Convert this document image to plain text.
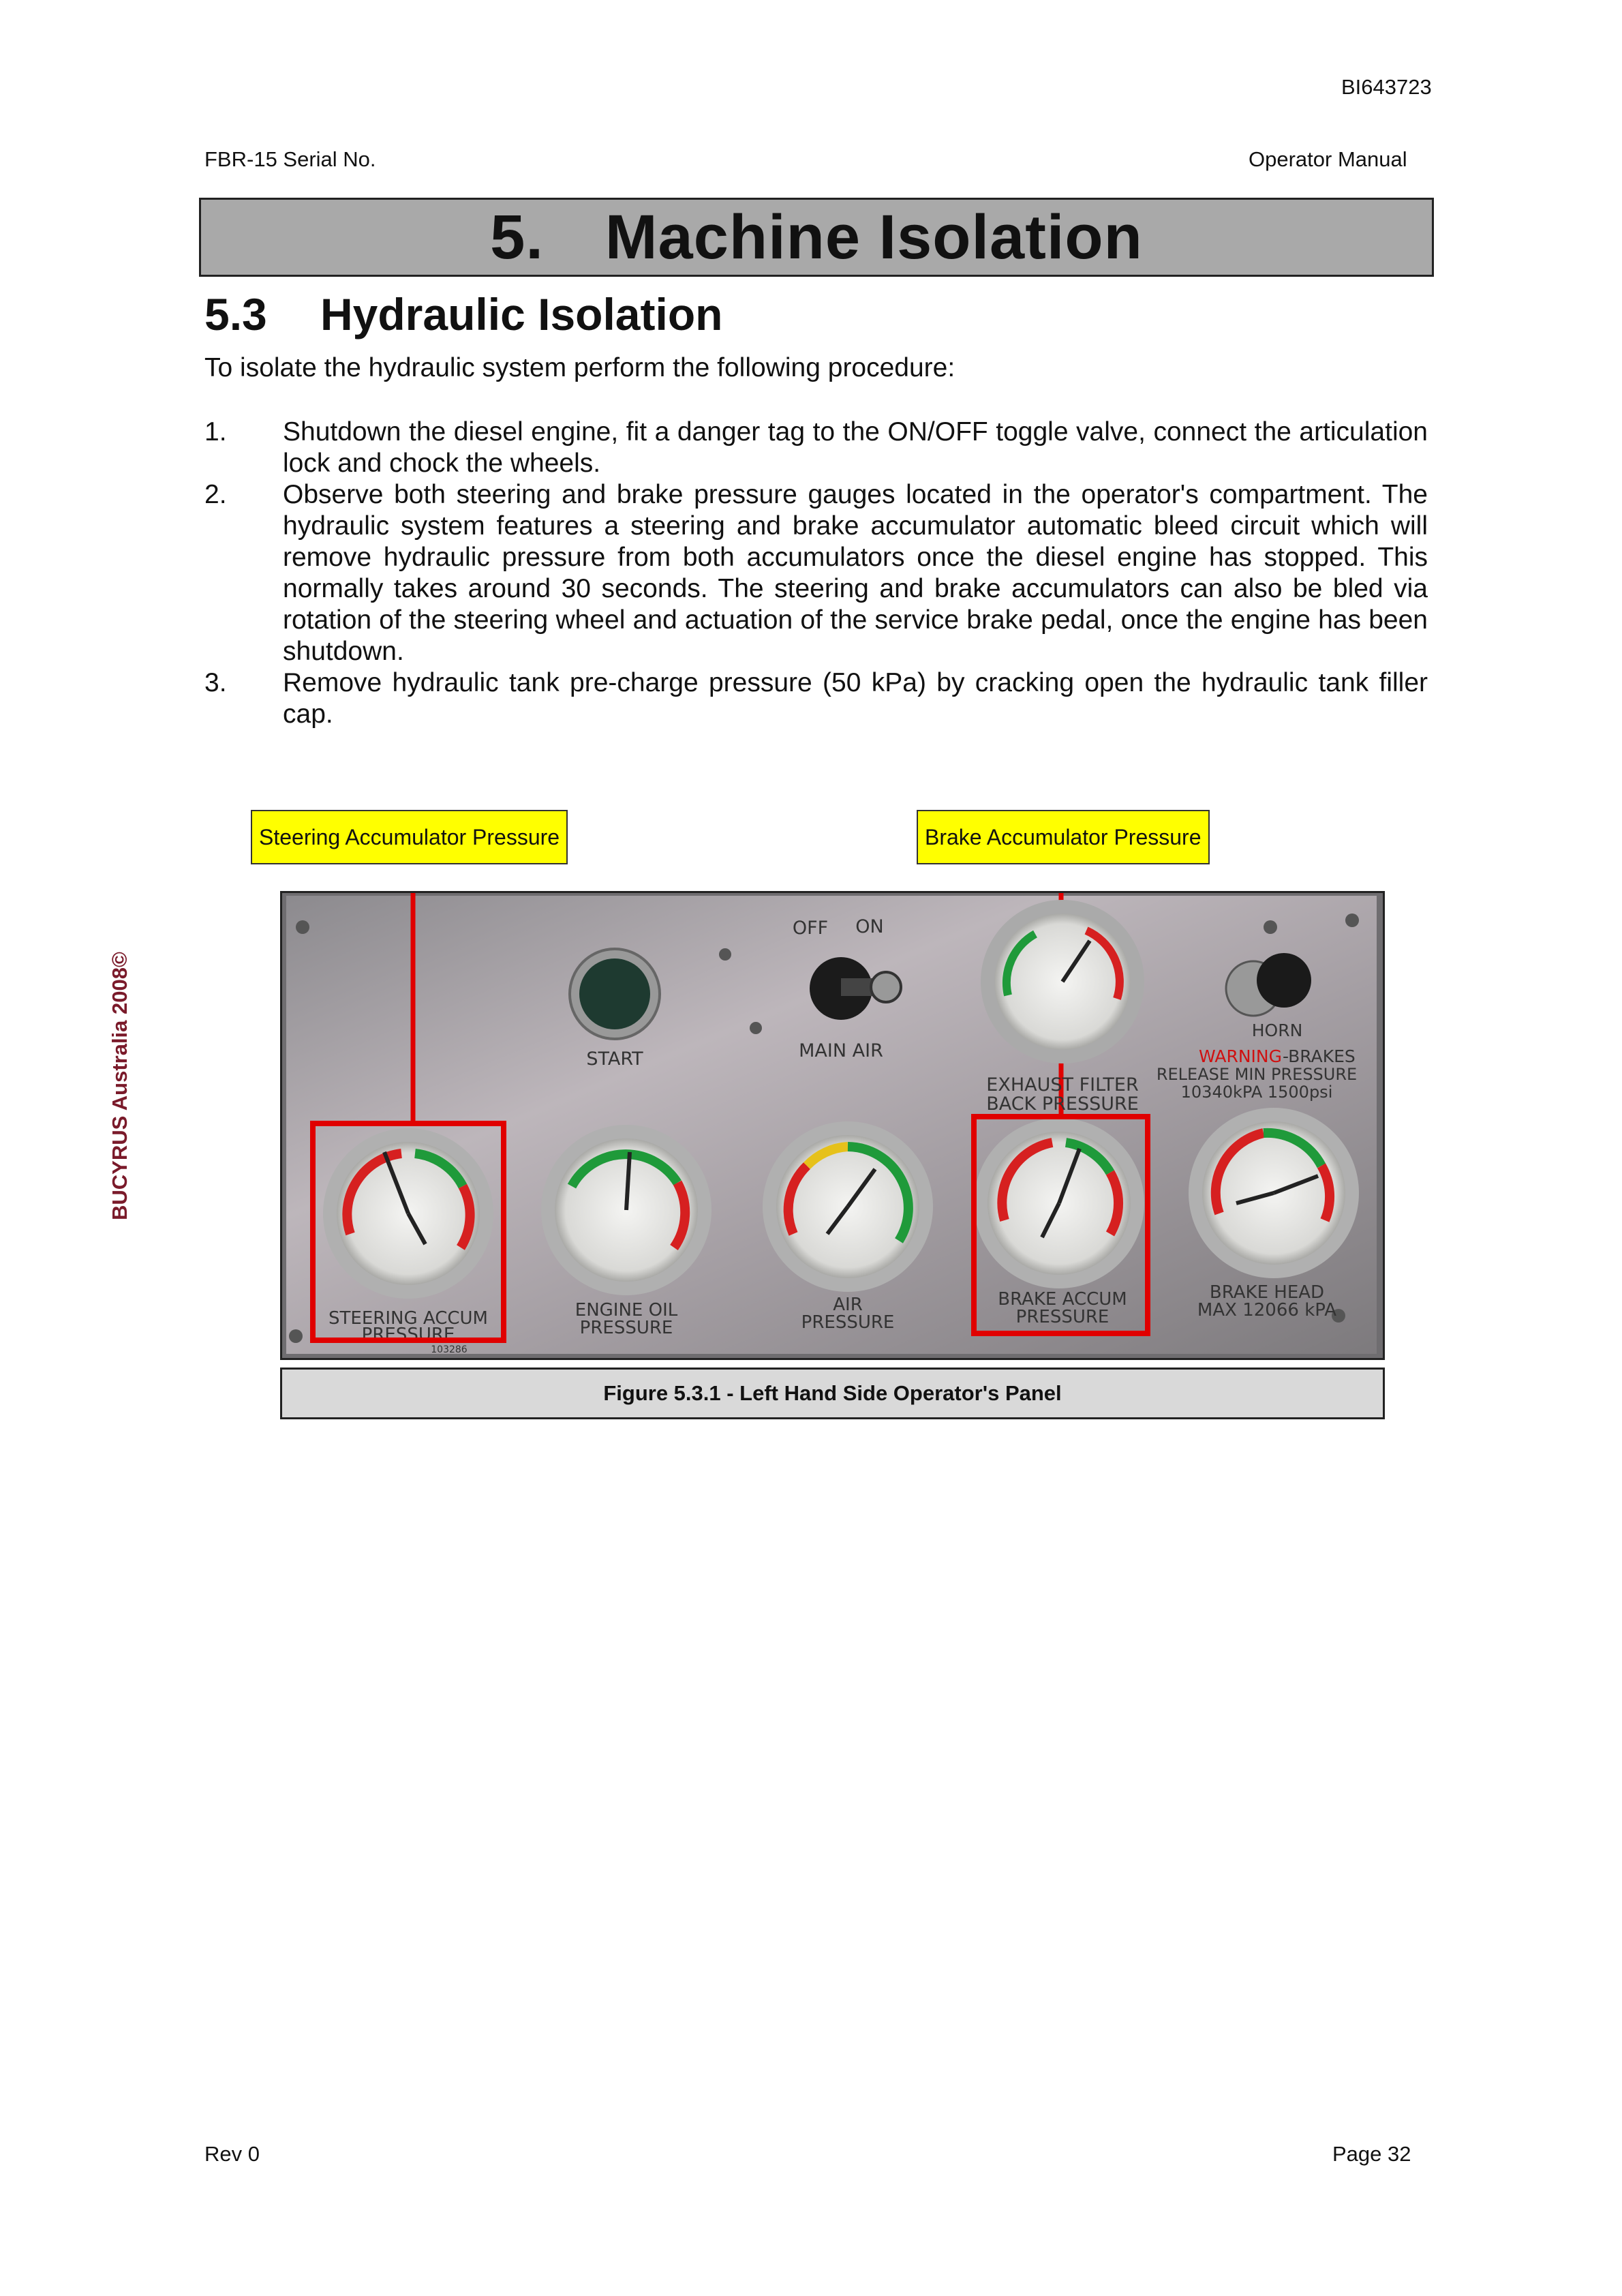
BI643723
FBR-15 Serial No.	Operator Manual
5. Machine Isolation
5.3 Hydraulic Isolation
To isolate the hydraulic system perform the following procedure:
1.	Shutdown the diesel engine, fit a danger tag to the ON/OFF toggle valve, connect the articulation lock and chock the wheels.
2.	Observe both steering and brake pressure gauges located in the operator's compartment. The hydraulic system features a steering and brake accumulator automatic bleed circuit which will remove hydraulic pressure from both accumulators once the diesel engine has stopped. This normally takes around 30 seconds. The steering and brake accumulators can also be bled via rotation of the steering wheel and actuation of the service brake pedal, once the engine has been shutdown.
3.	Remove hydraulic tank pre-charge pressure (50 kPa) by cracking open the hydraulic tank filler cap.
Steering Accumulator Pressure	Brake Accumulator Pressure
START
OFF ON
MAIN AIR
EXHAUST FILTER
BACK PRESSURE
HORN
WARNING -BRAKES
RELEASE MIN PRESSURE
10340kPA 1500psi
STEERING ACCUM
PRESSURE
103286
ENGINE OIL
PRESSURE
AIR
PRESSURE
BRAKE ACCUM
PRESSURE
BRAKE HEAD
MAX 12066 kPA
Figure 5.3.1 - Left Hand Side Operator's Panel
BUCYRUS Australia 2008©
Rev 0	Page 32
